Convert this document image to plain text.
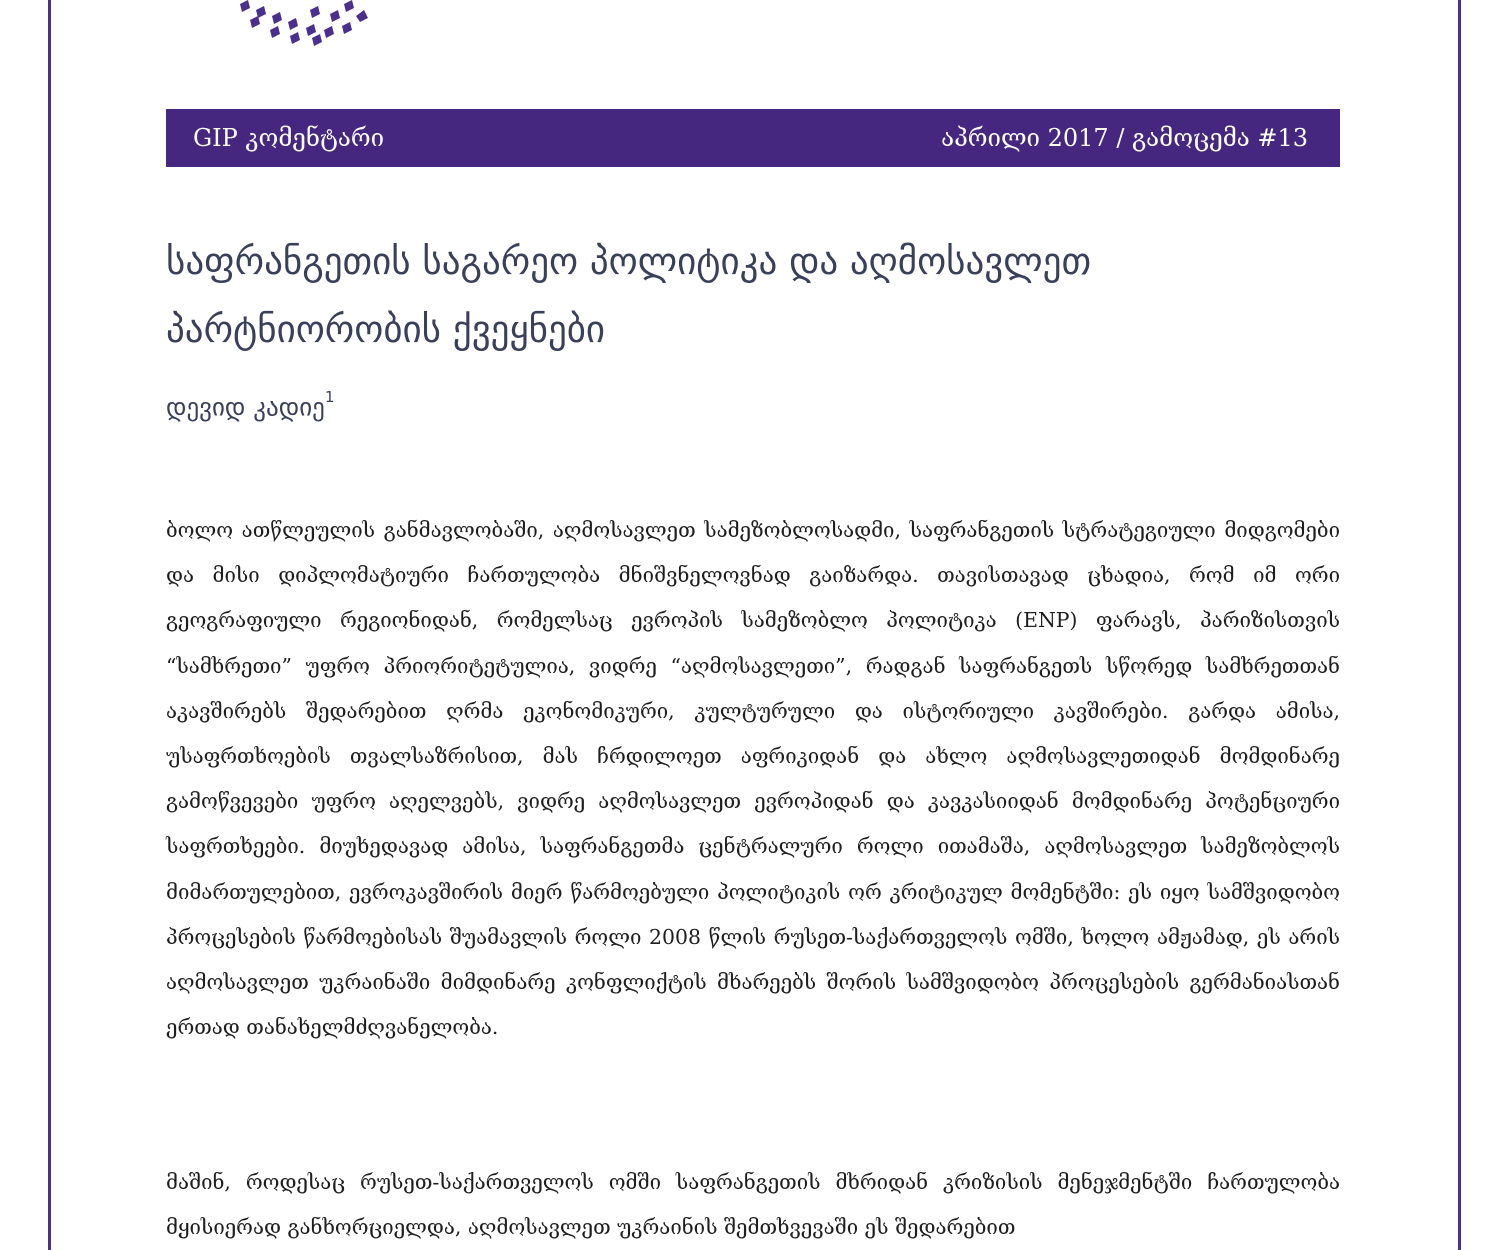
GIP კომენტარი	აპრილი 2017 / გამოცემა #13
საფრანგეთის საგარეო პოლიტიკა და აღმოსავლეთ პარტნიორობის ქვეყნები
დევიდ კადიე$^1$

ბოლო ათწლეულის განმავლობაში, აღმოსავლეთ სამეზობლოსადმი, საფრანგეთის სტრატეგიული მიდგომები და მისი დიპლომატიური ჩართულობა მნიშვნელოვნად გაიზარდა. თავისთავად ცხადია, რომ იმ ორი გეოგრაფიული რეგიონიდან, რომელსაც ევროპის სამეზობლო პოლიტიკა (ENP) ფარავს, პარიზისთვის “სამხრეთი” უფრო პრიორიტეტულია, ვიდრე “აღმოსავლეთი”, რადგან საფრანგეთს სწორედ სამხრეთთან აკავშირებს შედარებით ღრმა ეკონომიკური, კულტურული და ისტორიული კავშირები. გარდა ამისა, უსაფრთხოების თვალსაზრისით, მას ჩრდილოეთ აფრიკიდან და ახლო აღმოსავლეთიდან მომდინარე გამოწვევები უფრო აღელვებს, ვიდრე აღმოსავლეთ ევროპიდან და კავკასიიდან მომდინარე პოტენციური საფრთხეები. მიუხედავად ამისა, საფრანგეთმა ცენტრალური როლი ითამაშა, აღმოსავლეთ სამეზობლოს მიმართულებით, ევროკავშირის მიერ წარმოებული პოლიტიკის ორ კრიტიკულ მომენტში: ეს იყო სამშვიდობო პროცესების წარმოებისას შუამავლის როლი 2008 წლის რუსეთ-საქართველოს ომში, ხოლო ამჟამად, ეს არის აღმოსავლეთ უკრაინაში მიმდინარე კონფლიქტის მხარეებს შორის სამშვიდობო პროცესების გერმანიასთან ერთად თანახელმძღვანელობა.

მაშინ, როდესაც რუსეთ-საქართველოს ომში საფრანგეთის მხრიდან კრიზისის მენეჯმენტში ჩართულობა მყისიერად განხორციელდა, აღმოსავლეთ უკრაინის შემთხვევაში ეს შედარებით
